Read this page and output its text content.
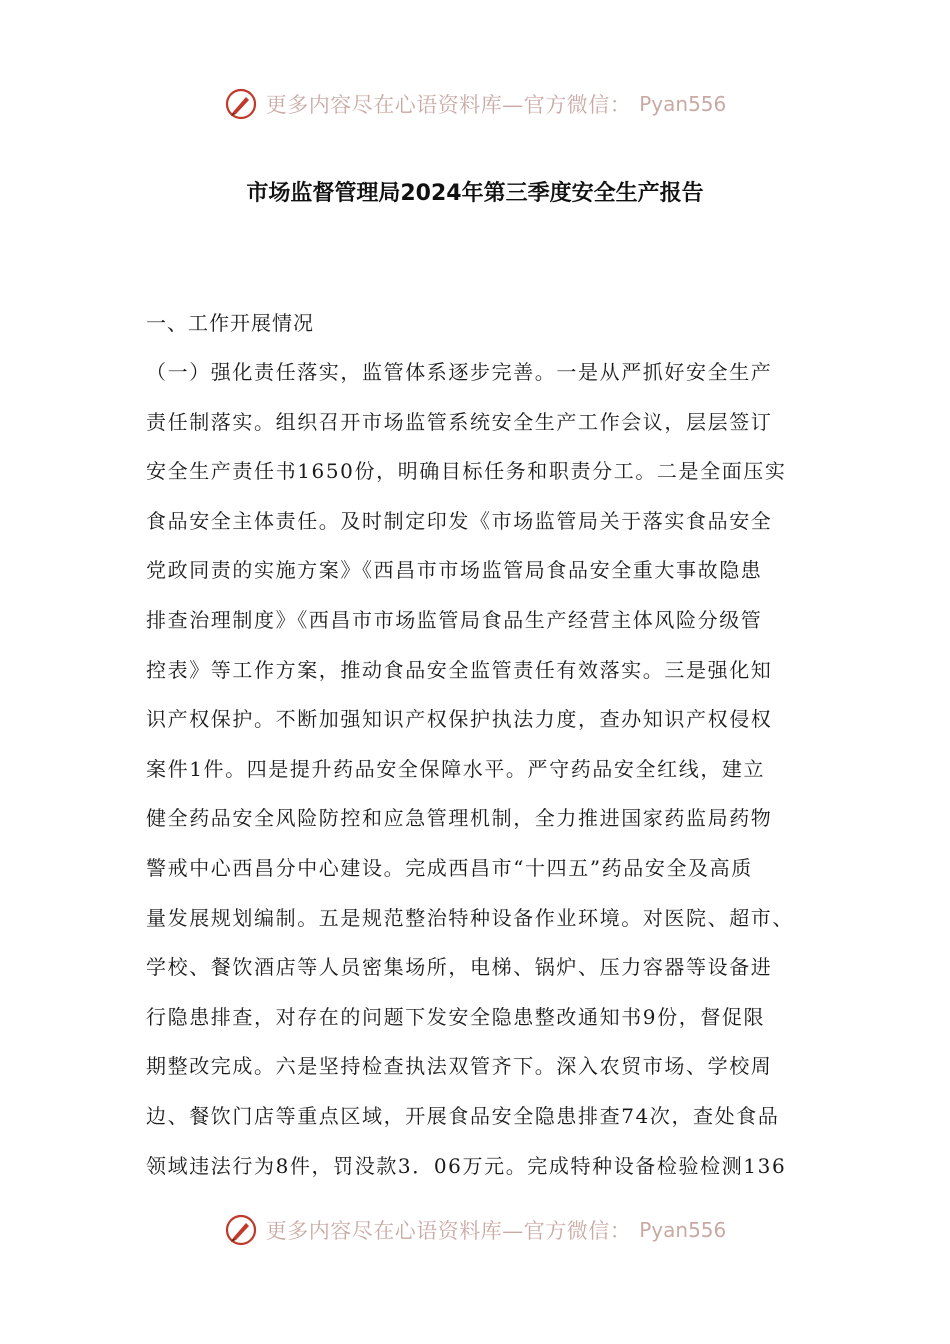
更多内容尽在心语资料库—官方微信： Pyan556
市场监督管理局2024年第三季度安全生产报告

一、工作开展情况

（一）强化责任落实，监管体系逐步完善。一是从严抓好安全生产
责任制落实。组织召开市场监管系统安全生产工作会议，层层签订
安全生产责任书1650份，明确目标任务和职责分工。二是全面压实
食品安全主体责任。及时制定印发《市场监管局关于落实食品安全
党政同责的实施方案》《西昌市市场监管局食品安全重大事故隐患
排查治理制度》《西昌市市场监管局食品生产经营主体风险分级管
控表》等工作方案，推动食品安全监管责任有效落实。三是强化知
识产权保护。不断加强知识产权保护执法力度，查办知识产权侵权
案件1件。四是提升药品安全保障水平。严守药品安全红线，建立
健全药品安全风险防控和应急管理机制，全力推进国家药监局药物
警戒中心西昌分中心建设。完成西昌市“十四五”药品安全及高质
量发展规划编制。五是规范整治特种设备作业环境。对医院、超市、
学校、餐饮酒店等人员密集场所，电梯、锅炉、压力容器等设备进
行隐患排查，对存在的问题下发安全隐患整改通知书9份，督促限
期整改完成。六是坚持检查执法双管齐下。深入农贸市场、学校周
边、餐饮门店等重点区域，开展食品安全隐患排查74次，查处食品
领域违法行为8件，罚没款3．06万元。完成特种设备检验检测136

更多内容尽在心语资料库—官方微信： Pyan556
